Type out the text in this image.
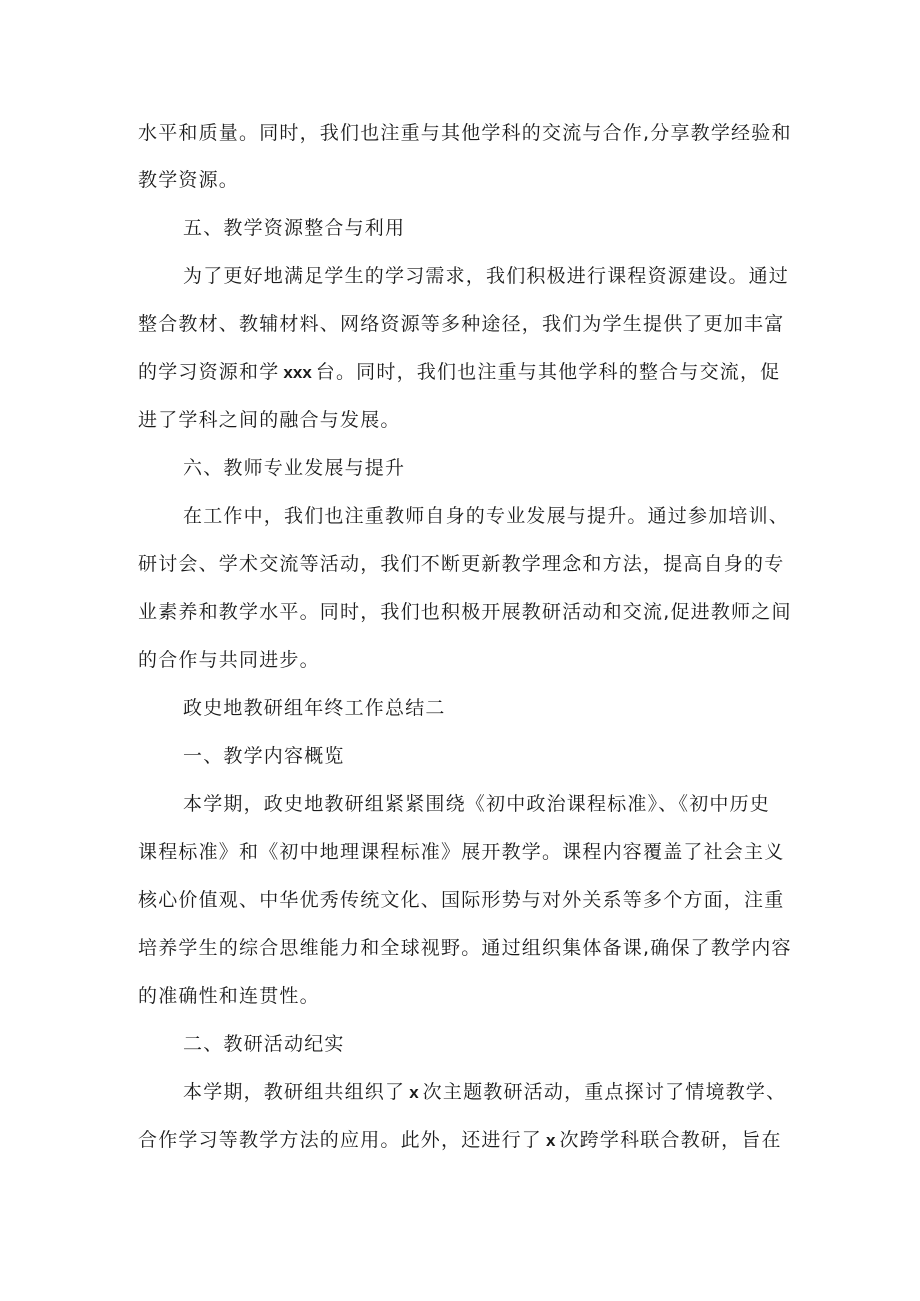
水平和质量。同时，我们也注重与其他学科的交流与合作,分享教学经验和
教学资源。
五、教学资源整合与利用
为了更好地满足学生的学习需求，我们积极进行课程资源建设。通过
整合教材、教辅材料、网络资源等多种途径，我们为学生提供了更加丰富
的学习资源和学 xxx 台。同时，我们也注重与其他学科的整合与交流，促
进了学科之间的融合与发展。
六、教师专业发展与提升
在工作中，我们也注重教师自身的专业发展与提升。通过参加培训、
研讨会、学术交流等活动，我们不断更新教学理念和方法，提高自身的专
业素养和教学水平。同时，我们也积极开展教研活动和交流,促进教师之间
的合作与共同进步。
政史地教研组年终工作总结二
一、教学内容概览
本学期，政史地教研组紧紧围绕《初中政治课程标准》、《初中历史
课程标准》和《初中地理课程标准》展开教学。课程内容覆盖了社会主义
核心价值观、中华优秀传统文化、国际形势与对外关系等多个方面，注重
培养学生的综合思维能力和全球视野。通过组织集体备课,确保了教学内容
的准确性和连贯性。
二、教研活动纪实
本学期，教研组共组织了 x 次主题教研活动，重点探讨了情境教学、
合作学习等教学方法的应用。此外，还进行了 x 次跨学科联合教研，旨在
